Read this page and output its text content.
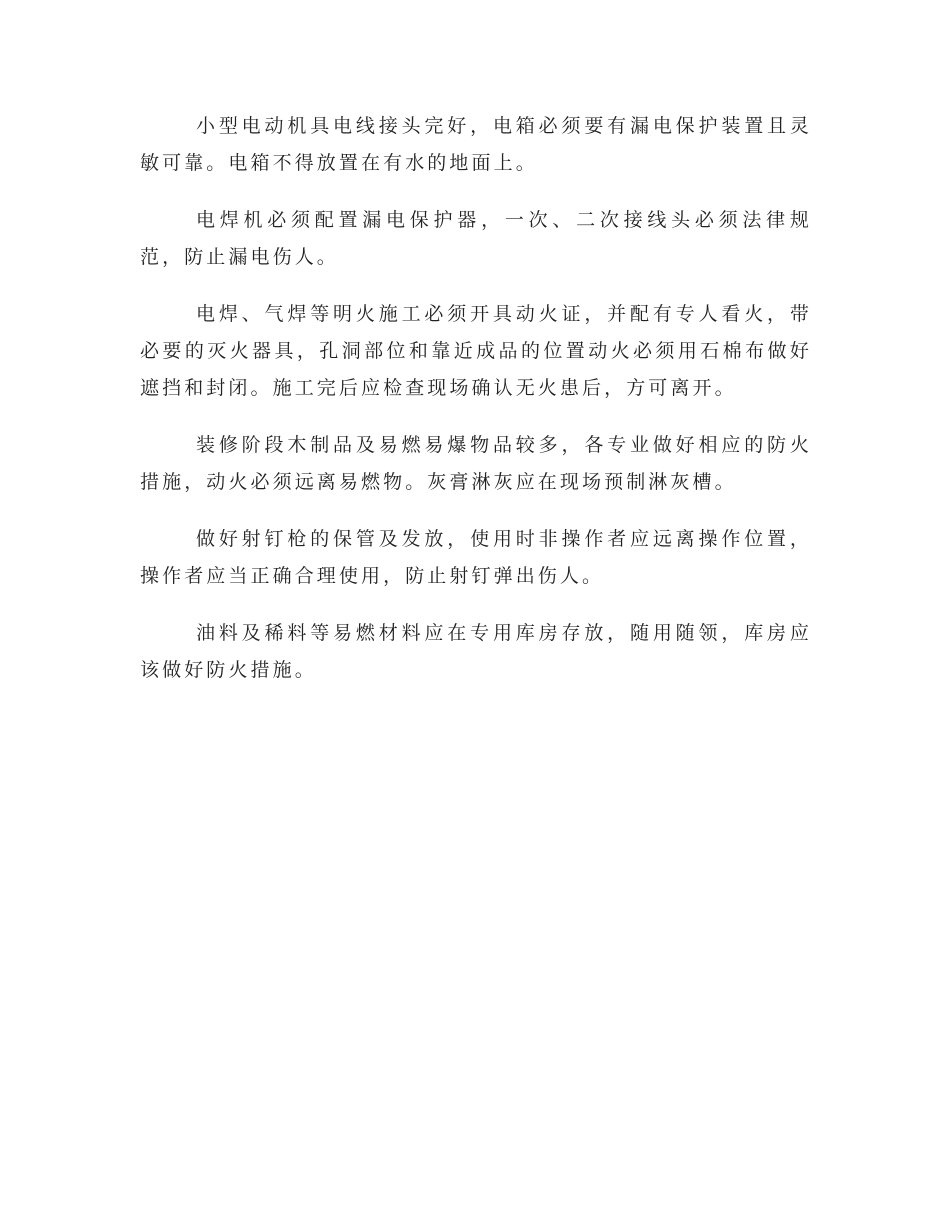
小型电动机具电线接头完好，电箱必须要有漏电保护装置且灵敏可靠。电箱不得放置在有水的地面上。

电焊机必须配置漏电保护器，一次、二次接线头必须法律规范，防止漏电伤人。

电焊、气焊等明火施工必须开具动火证，并配有专人看火，带必要的灭火器具，孔洞部位和靠近成品的位置动火必须用石棉布做好遮挡和封闭。施工完后应检查现场确认无火患后，方可离开。

装修阶段木制品及易燃易爆物品较多，各专业做好相应的防火措施，动火必须远离易燃物。灰膏淋灰应在现场预制淋灰槽。

做好射钉枪的保管及发放，使用时非操作者应远离操作位置，操作者应当正确合理使用，防止射钉弹出伤人。

油料及稀料等易燃材料应在专用库房存放，随用随领，库房应该做好防火措施。
